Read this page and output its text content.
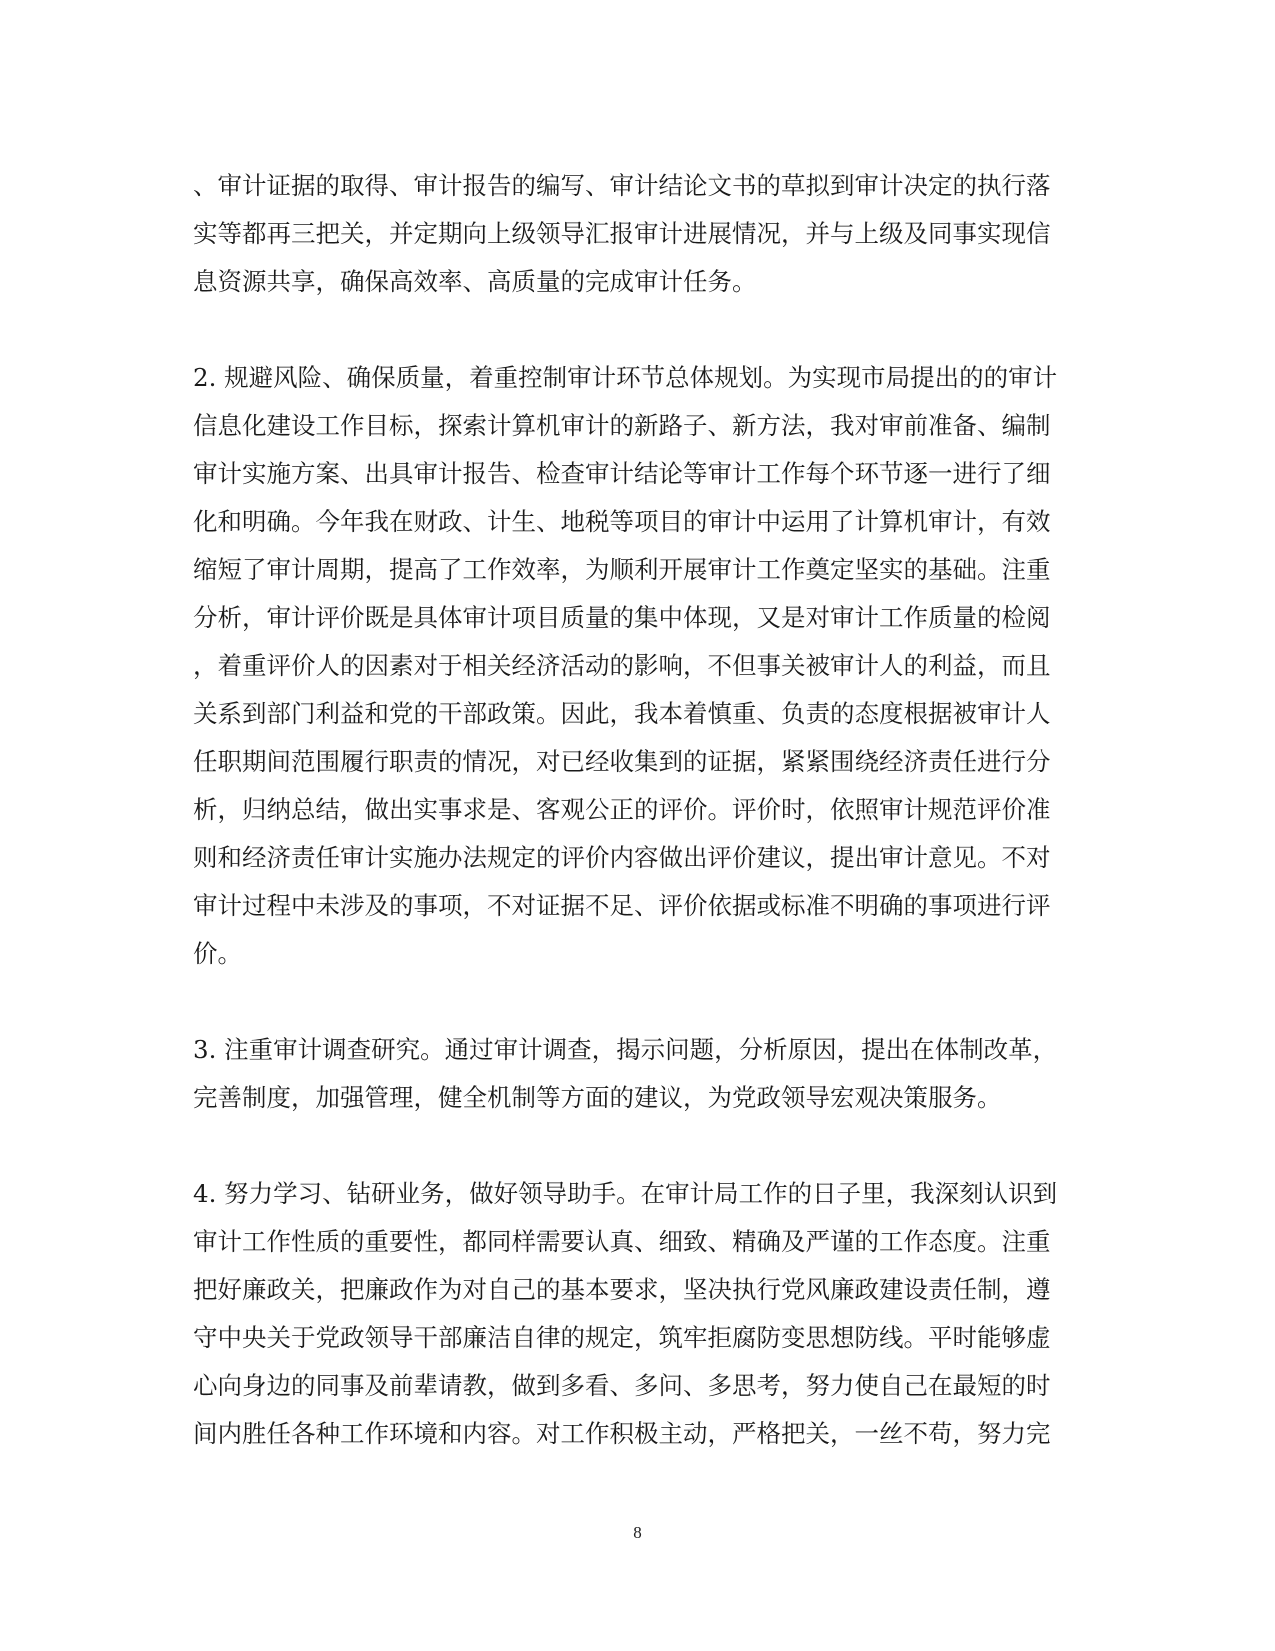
、审计证据的取得、审计报告的编写、审计结论文书的草拟到审计决定的执行落
实等都再三把关，并定期向上级领导汇报审计进展情况，并与上级及同事实现信
息资源共享，确保高效率、高质量的完成审计任务。
2. 规避风险、确保质量，着重控制审计环节总体规划。为实现市局提出的的审计
信息化建设工作目标，探索计算机审计的新路子、新方法，我对审前准备、编制
审计实施方案、出具审计报告、检查审计结论等审计工作每个环节逐一进行了细
化和明确。今年我在财政、计生、地税等项目的审计中运用了计算机审计，有效
缩短了审计周期，提高了工作效率，为顺利开展审计工作奠定坚实的基础。注重
分析，审计评价既是具体审计项目质量的集中体现，又是对审计工作质量的检阅
，着重评价人的因素对于相关经济活动的影响，不但事关被审计人的利益，而且
关系到部门利益和党的干部政策。因此，我本着慎重、负责的态度根据被审计人
任职期间范围履行职责的情况，对已经收集到的证据，紧紧围绕经济责任进行分
析，归纳总结，做出实事求是、客观公正的评价。评价时，依照审计规范评价准
则和经济责任审计实施办法规定的评价内容做出评价建议，提出审计意见。不对
审计过程中未涉及的事项，不对证据不足、评价依据或标准不明确的事项进行评
价。
3. 注重审计调查研究。通过审计调查，揭示问题，分析原因，提出在体制改革，
完善制度，加强管理，健全机制等方面的建议，为党政领导宏观决策服务。
4. 努力学习、钻研业务，做好领导助手。在审计局工作的日子里，我深刻认识到
审计工作性质的重要性，都同样需要认真、细致、精确及严谨的工作态度。注重
把好廉政关，把廉政作为对自己的基本要求，坚决执行党风廉政建设责任制，遵
守中央关于党政领导干部廉洁自律的规定，筑牢拒腐防变思想防线。平时能够虚
心向身边的同事及前辈请教，做到多看、多问、多思考，努力使自己在最短的时
间内胜任各种工作环境和内容。对工作积极主动，严格把关，一丝不苟，努力完
8
